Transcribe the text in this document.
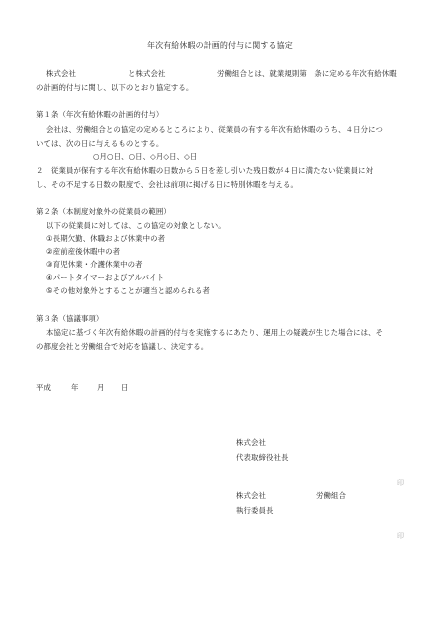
年次有給休暇の計画的付与に関する協定
株式会社	と株式会社	労働組合とは、就業規則第　条に定める年次有給休暇
の計画的付与に関し、以下のとおり協定する。
第１条（年次有給休暇の計画的付与）
会社は、労働組合との協定の定めるところにより、従業員の有する年次有給休暇のうち、４日分につ
いては、次の日に与えるものとする。
○月○日、○日、◇月◇日、◇日
２　従業員が保有する年次有給休暇の日数から５日を差し引いた残日数が４日に満たない従業員に対
し、その不足する日数の限度で、会社は前項に掲げる日に特別休暇を与える。
第２条（本制度対象外の従業員の範囲）
以下の従業員に対しては、この協定の対象としない。
①長期欠勤、休職および休業中の者
②産前産後休暇中の者
③育児休業・介護休業中の者
④パートタイマーおよびアルバイト
⑤その他対象外とすることが適当と認められる者
第３条（協議事項）
本協定に基づく年次有給休暇の計画的付与を実施するにあたり、運用上の疑義が生じた場合には、そ
の都度会社と労働組合で対応を協議し、決定する。
平成	年	月 日
株式会社
代表取締役社長
印
株式会社	労働組合
執行委員長
印
